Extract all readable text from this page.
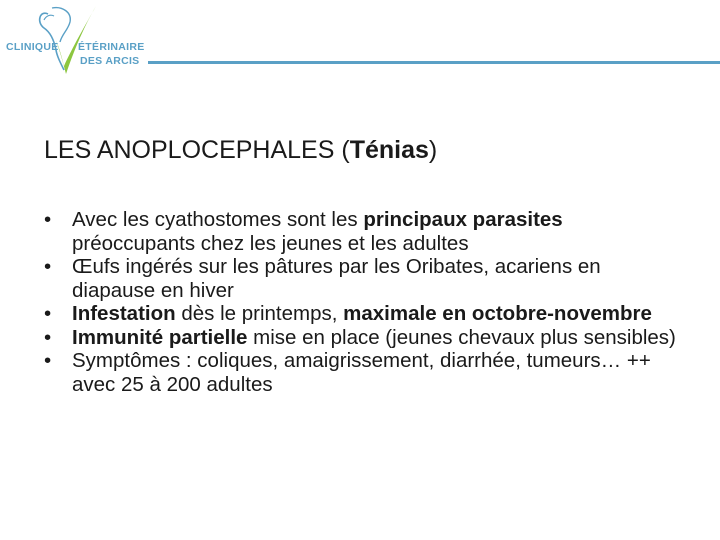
CLINIQUE ÉTÉRINAIRE
DES ARCIS
LES ANOPLOCEPHALES (Ténias)
• Avec les cyathostomes sont les principaux parasites préoccupants chez les jeunes et les adultes
• Œufs ingérés sur les pâtures par les Oribates, acariens en diapause en hiver
• Infestation dès le printemps, maximale en octobre-novembre
• Immunité partielle mise en place (jeunes chevaux plus sensibles)
• Symptômes : coliques, amaigrissement, diarrhée, tumeurs… ++ avec 25 à 200 adultes
